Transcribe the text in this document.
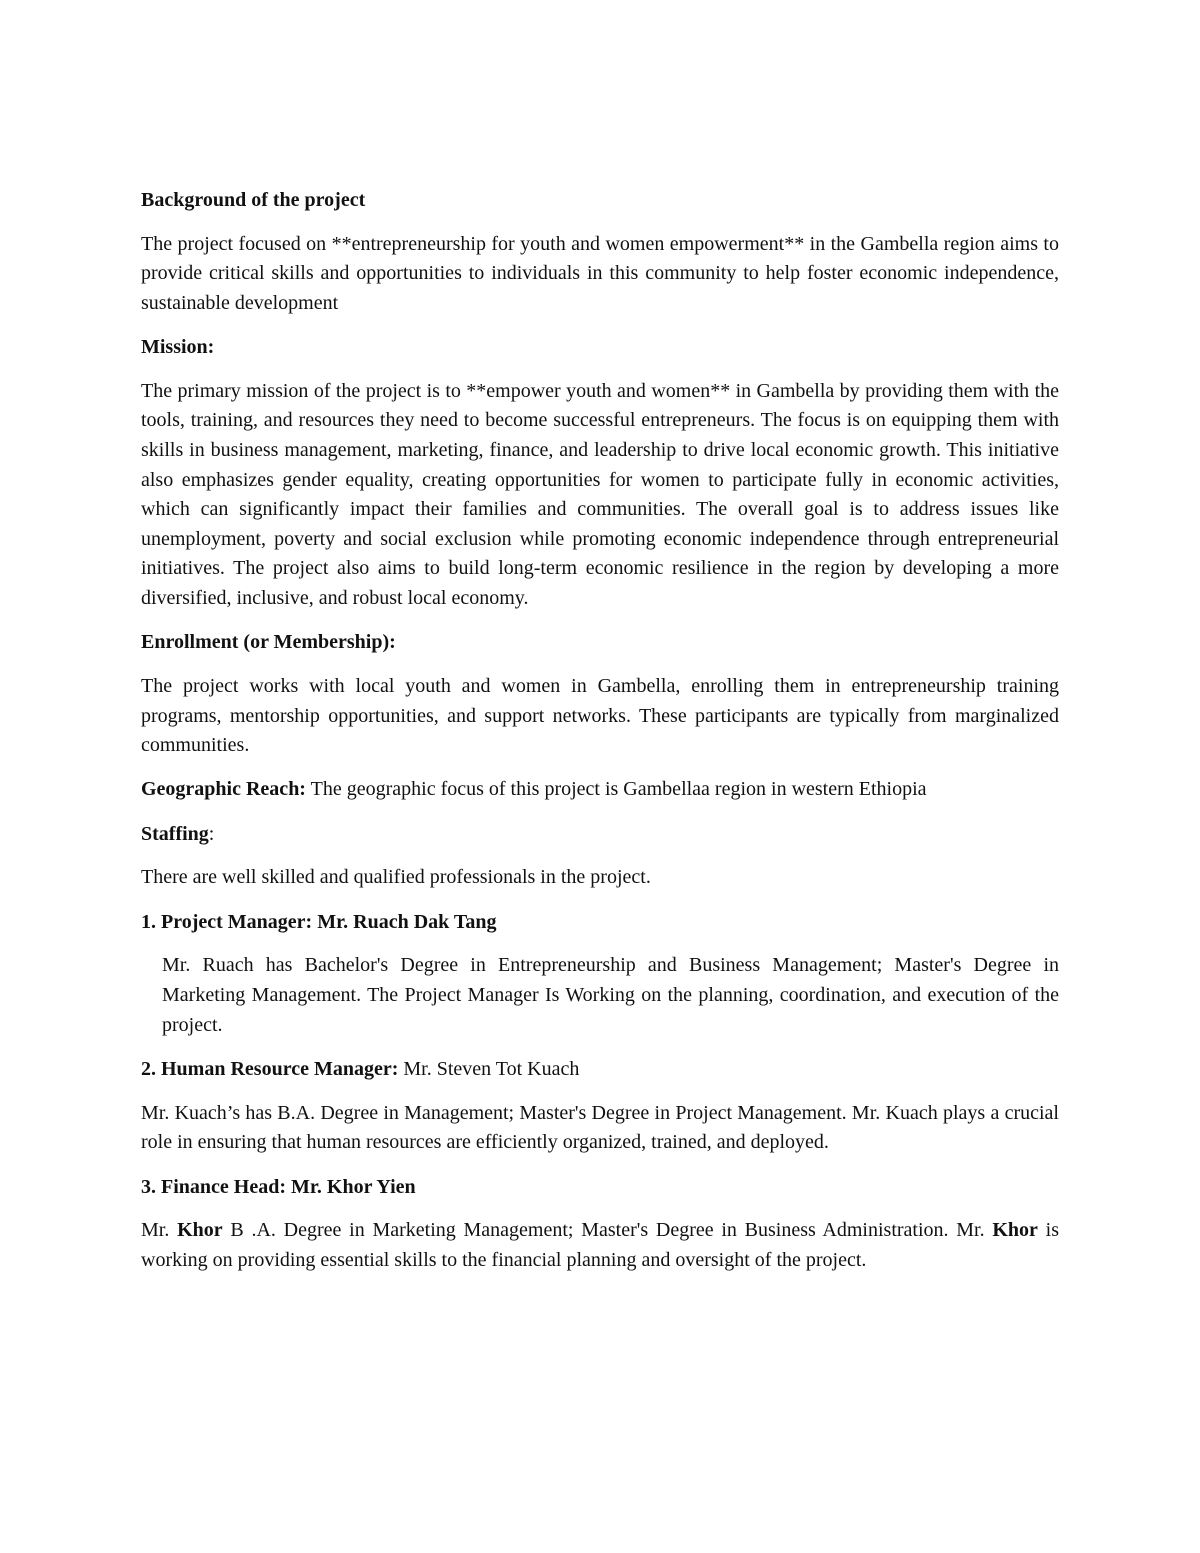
Background of the project

The project focused on **entrepreneurship for youth and women empowerment** in the Gambella region aims to provide critical skills and opportunities to individuals in this community to help foster economic independence, sustainable development

Mission:

The primary mission of the project is to **empower youth and women** in Gambella by providing them with the tools, training, and resources they need to become successful entrepreneurs. The focus is on equipping them with skills in business management, marketing, finance, and leadership to drive local economic growth. This initiative also emphasizes gender equality, creating opportunities for women to participate fully in economic activities, which can significantly impact their families and communities. The overall goal is to address issues like unemployment, poverty and social exclusion while promoting economic independence through entrepreneurial initiatives. The project also aims to build long-term economic resilience in the region by developing a more diversified, inclusive, and robust local economy.

Enrollment (or Membership):

The project works with local youth and women in Gambella, enrolling them in entrepreneurship training programs, mentorship opportunities, and support networks. These participants are typically from marginalized communities.

Geographic Reach: The geographic focus of this project is Gambellaa region in western Ethiopia

Staffing:

There are well skilled and qualified professionals in the project.

1. Project Manager: Mr. Ruach Dak Tang

Mr. Ruach has Bachelor's Degree in Entrepreneurship and Business Management; Master's Degree in Marketing Management. The Project Manager Is Working on the planning, coordination, and execution of the project.

2. Human Resource Manager: Mr. Steven Tot Kuach

Mr. Kuach’s has B.A. Degree in Management; Master's Degree in Project Management. Mr. Kuach plays a crucial role in ensuring that human resources are efficiently organized, trained, and deployed.

3. Finance Head: Mr. Khor Yien

Mr. Khor B .A. Degree in Marketing Management; Master's Degree in Business Administration. Mr. Khor is working on providing essential skills to the financial planning and oversight of the project.
